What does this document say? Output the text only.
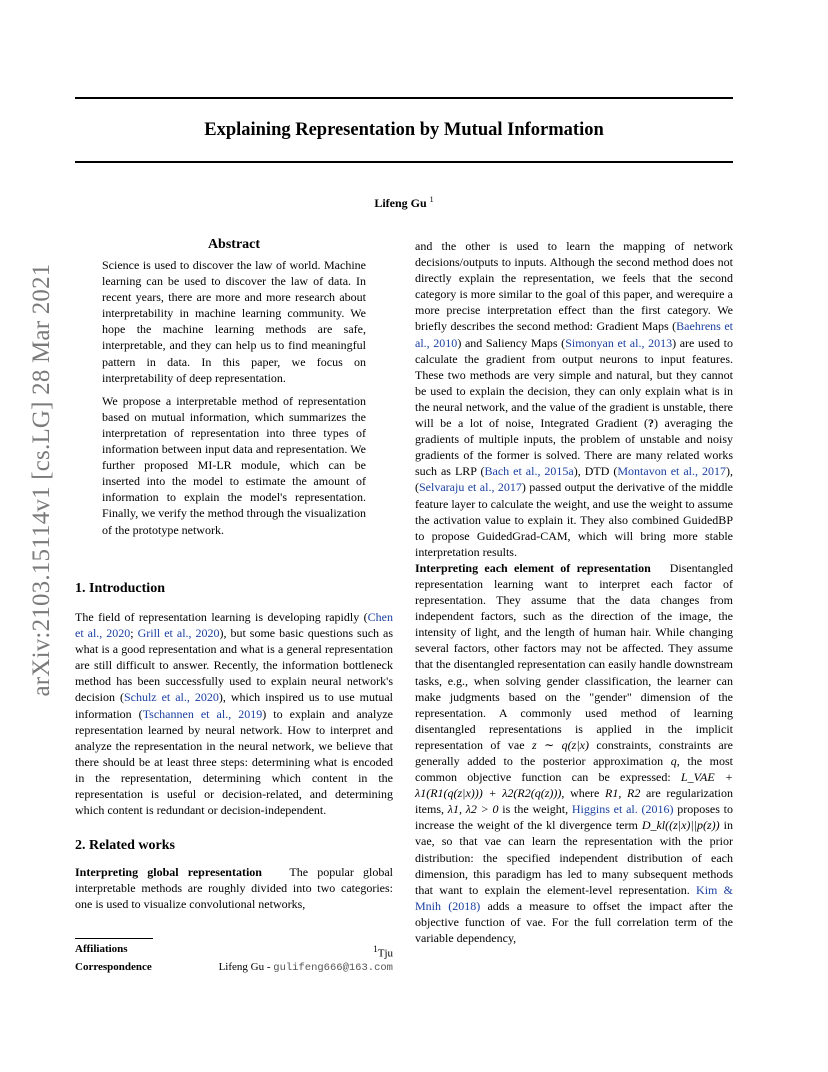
Explaining Representation by Mutual Information
Lifeng Gu $^1$
arXiv:2103.15114v1 [cs.LG] 28 Mar 2021
Abstract

Science is used to discover the law of world. Machine learning can be used to discover the law of data. In recent years, there are more and more research about interpretability in machine learning community. We hope the machine learning methods are safe, interpretable, and they can help us to find meaningful pattern in data. In this paper, we focus on interpretability of deep representation.

We propose a interpretable method of representation based on mutual information, which summarizes the interpretation of representation into three types of information between input data and representation. We further proposed MI-LR module, which can be inserted into the model to estimate the amount of information to explain the model's representation. Finally, we verify the method through the visualization of the prototype network.

1. Introduction

The field of representation learning is developing rapidly (Chen et al., 2020; Grill et al., 2020), but some basic questions such as what is a good representation and what is a general representation are still difficult to answer. Recently, the information bottleneck method has been successfully used to explain neural network's decision (Schulz et al., 2020), which inspired us to use mutual information (Tschannen et al., 2019) to explain and analyze representation learned by neural network. How to interpret and analyze the representation in the neural network, we believe that there should be at least three steps: determining what is encoded in the representation, determining which content in the representation is useful or decision-related, and determining which content is redundant or decision-independent.

2. Related works

Interpreting global representation The popular global interpretable methods are roughly divided into two categories: one is used to visualize convolutional networks,

Affiliations	$^1$Tju
Correspondence	Lifeng Gu - gulifeng666@163.com

and the other is used to learn the mapping of network decisions/outputs to inputs. Although the second method does not directly explain the representation, we feels that the second category is more similar to the goal of this paper, and werequire a more precise interpretation effect than the first category. We briefly describes the second method: Gradient Maps (Baehrens et al., 2010) and Saliency Maps (Simonyan et al., 2013) are used to calculate the gradient from output neurons to input features. These two methods are very simple and natural, but they cannot be used to explain the decision, they can only explain what is in the neural network, and the value of the gradient is unstable, there will be a lot of noise, Integrated Gradient (?) averaging the gradients of multiple inputs, the problem of unstable and noisy gradients of the former is solved. There are many related works such as LRP (Bach et al., 2015a), DTD (Montavon et al., 2017), (Selvaraju et al., 2017) passed output the derivative of the middle feature layer to calculate the weight, and use the weight to assume the activation value to explain it. They also combined GuidedBP to propose GuidedGrad-CAM, which will bring more stable interpretation results.

Interpreting each element of representation Disentangled representation learning want to interpret each factor of representation. They assume that the data changes from independent factors, such as the direction of the image, the intensity of light, and the length of human hair. While changing several factors, other factors may not be affected. They assume that the disentangled representation can easily handle downstream tasks, e.g., when solving gender classification, the learner can make judgments based on the "gender" dimension of the representation. A commonly used method of learning disentangled representations is applied in the implicit representation of vae z ∼ q(z|x) constraints, constraints are generally added to the posterior approximation q, the most common objective function can be expressed: L_VAE + λ1(R1(q(z|x))) + λ2(R2(q(z))), where R1, R2 are regularization items, λ1, λ2 > 0 is the weight, Higgins et al. (2016) proposes to increase the weight of the kl divergence term D_kl((z|x)||p(z)) in vae, so that vae can learn the representation with the prior distribution: the specified independent distribution of each dimension, this paradigm has led to many subsequent methods that want to explain the element-level representation. Kim & Mnih (2018) adds a measure to offset the impact after the objective function of vae. For the full correlation term of the variable dependency,
